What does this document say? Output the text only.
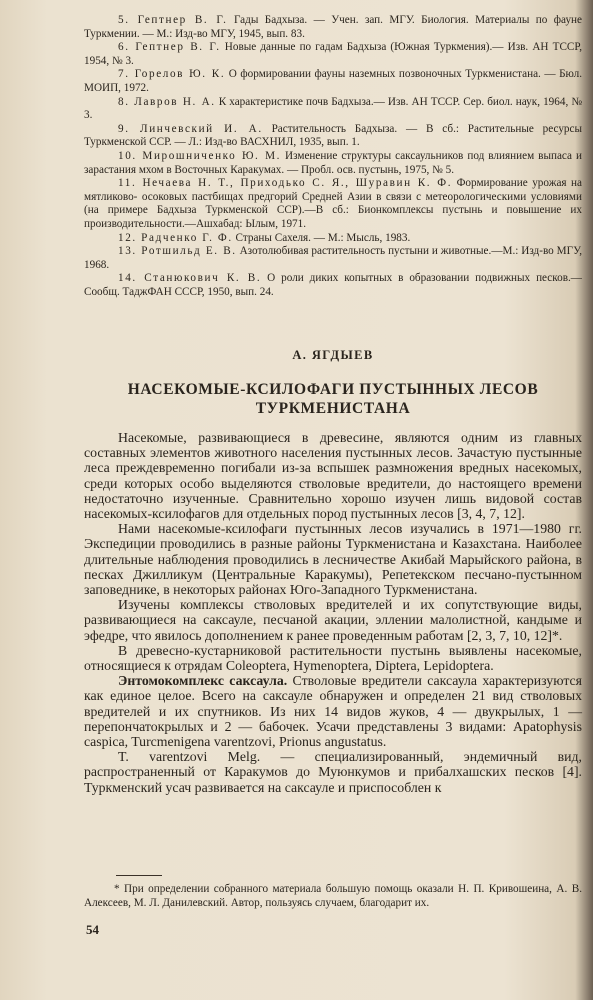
5. Гептнер В. Г. Гады Бадхыза. — Учен. зап. МГУ. Биология. Материалы по фауне Туркмении. — М.: Изд-во МГУ, 1945, вып. 83.

6. Гептнер В. Г. Новые данные по гадам Бадхыза (Южная Туркмения).— Изв. АН ТССР, 1954, № 3.

7. Горелов Ю. К. О формировании фауны наземных позвоночных Туркменистана. — Бюл. МОИП, 1972.

8. Лавров Н. А. К характеристике почв Бадхыза.— Изв. АН ТССР. Сер. биол. наук, 1964, № 3.

9. Линчевский И. А. Растительность Бадхыза. — В сб.: Растительные ресурсы Туркменской ССР. — Л.: Изд-во ВАСХНИЛ, 1935, вып. 1.

10. Мирошниченко Ю. М. Изменение структуры саксаульников под влиянием выпаса и зарастания мхом в Восточных Каракумах. — Пробл. осв. пустынь, 1975, № 5.

11. Нечаева Н. Т., Приходько С. Я., Шуравин К. Ф. Формирование урожая на мятликово- осоковых пастбищах предгорий Средней Азии в связи с метеорологическими условиями (на примере Бадхыза Туркменской ССР).—В сб.: Бионкомплексы пустынь и повышение их производительности.—Ашхабад: Ылым, 1971.

12. Радченко Г. Ф. Страны Сахеля. — М.: Мысль, 1983.

13. Ротшильд Е. В. Азотолюбивая растительность пустыни и животные.—М.: Изд-во МГУ, 1968.

14. Станюкович К. В. О роли диких копытных в образовании подвижных песков.— Сообщ. ТаджФАН СССР, 1950, вып. 24.

А. ЯГДЫЕВ
НАСЕКОМЫЕ-КСИЛОФАГИ ПУСТЫННЫХ ЛЕСОВ
ТУРКМЕНИСТАНА

Насекомые, развивающиеся в древесине, являются одним из главных составных элементов животного населения пустынных лесов. Зачастую пустынные леса преждевременно погибали из-за вспышек размножения вредных насекомых, среди которых особо выделяются стволовые вредители, до настоящего времени недостаточно изученные. Сравнительно хорошо изучен лишь видовой состав насекомых-ксилофагов для отдельных пород пустынных лесов [3, 4, 7, 12].

Нами насекомые-ксилофаги пустынных лесов изучались в 1971—1980 гг. Экспедиции проводились в разные районы Туркменистана и Казахстана. Наиболее длительные наблюдения проводились в лесничестве Акибай Марыйского района, в песках Джилликум (Центральные Каракумы), Репетекском песчано-пустынном заповеднике, в некоторых районах Юго-Западного Туркменистана.

Изучены комплексы стволовых вредителей и их сопутствующие виды, развивающиеся на саксауле, песчаной акации, эллении малолистной, кандыме и эфедре, что явилось дополнением к ранее проведенным работам [2, 3, 7, 10, 12]*.

В древесно-кустарниковой растительности пустынь выявлены насекомые, относящиеся к отрядам Coleoptera, Hymenoptera, Diptera, Lepidoptera.

Энтомокомплекс саксаула. Стволовые вредители саксаула характеризуются как единое целое. Всего на саксауле обнаружен и определен 21 вид стволовых вредителей и их спутников. Из них 14 видов жуков, 4 — двукрылых, 1 — перепончатокрылых и 2 — бабочек. Усачи представлены 3 видами: Apatophysis caspica, Turcmenigena varentzovi, Prionus angustatus.

T. varentzovi Melg. — специализированный, эндемичный вид, распространенный от Каракумов до Муюнкумов и прибалхашских песков [4]. Туркменский усач развивается на саксауле и приспособлен к

* При определении собранного материала большую помощь оказали Н. П. Кривошеина, А. В. Алексеев, М. Л. Данилевский. Автор, пользуясь случаем, благодарит их.

54
